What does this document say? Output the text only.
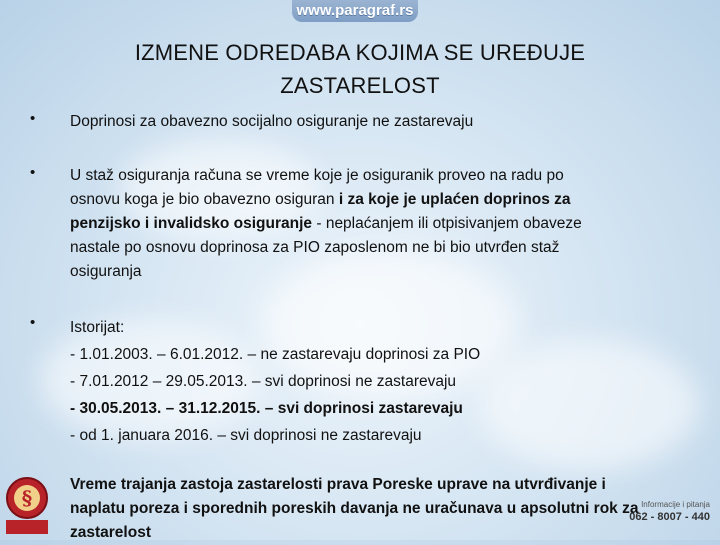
www.paragraf.rs
IZMENE ODREDABA KOJIMA SE UREĐUJE
ZASTARELOST
• Doprinosi za obavezno socijalno osiguranje ne zastarevaju
• U staž osiguranja računa se vreme koje je osiguranik proveo na radu po
osnovu koga je bio obavezno osiguran i za koje je uplaćen doprinos za
penzijsko i invalidsko osiguranje - neplaćanjem ili otpisivanjem obaveze
nastale po osnovu doprinosa za PIO zaposlenom ne bi bio utvrđen staž
osiguranja
• Istorijat:
- 1.01.2003. – 6.01.2012. – ne zastarevaju doprinosi za PIO
- 7.01.2012 – 29.05.2013. – svi doprinosi ne zastarevaju
- 30.05.2013. – 31.12.2015. – svi doprinosi zastarevaju
- od 1. januara 2016. – svi doprinosi ne zastarevaju
Vreme trajanja zastoja zastarelosti prava Poreske uprave na utvrđivanje i
naplatu poreza i sporednih poreskih davanja ne uračunava u apsolutni rok za
zastarelost
§	Informacije i pitanja
062 - 8007 - 440
